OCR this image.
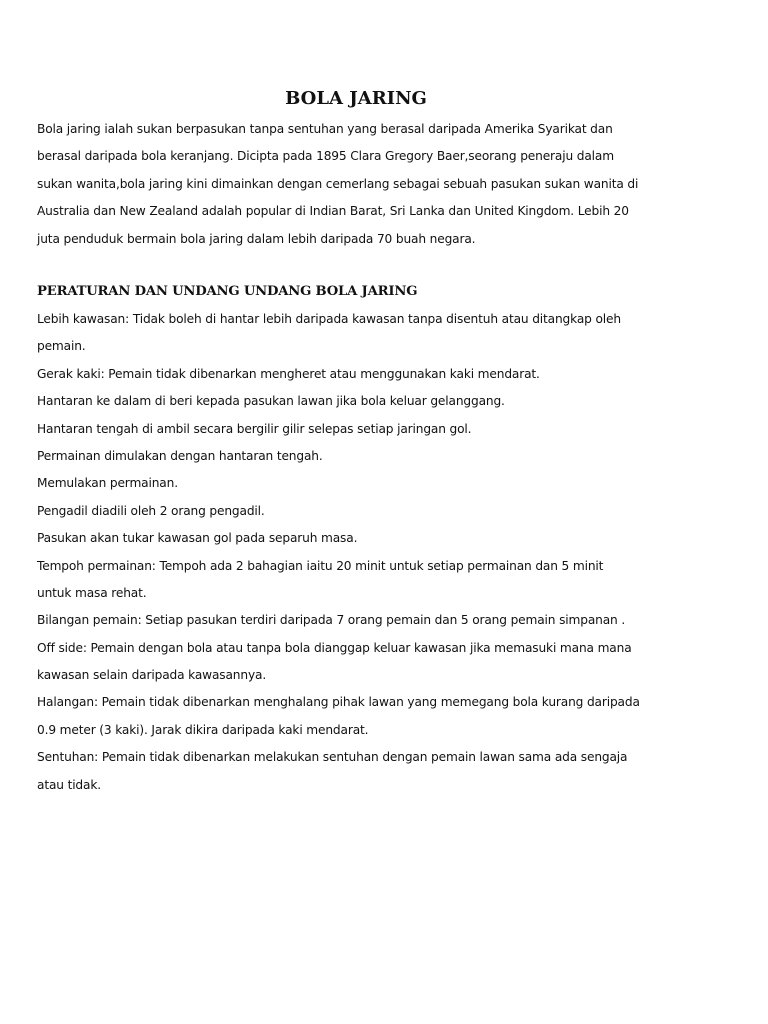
BOLA JARING
Bola jaring ialah sukan berpasukan tanpa sentuhan yang berasal daripada Amerika Syarikat dan
berasal daripada bola keranjang. Dicipta pada 1895 Clara Gregory Baer,seorang peneraju dalam
sukan wanita,bola jaring kini dimainkan dengan cemerlang sebagai sebuah pasukan sukan wanita di
Australia dan New Zealand adalah popular di Indian Barat, Sri Lanka dan United Kingdom. Lebih 20
juta penduduk bermain bola jaring dalam lebih daripada 70 buah negara.
PERATURAN DAN UNDANG UNDANG BOLA JARING
Lebih kawasan: Tidak boleh di hantar lebih daripada kawasan tanpa disentuh atau ditangkap oleh
pemain.
Gerak kaki: Pemain tidak dibenarkan mengheret atau menggunakan kaki mendarat.
Hantaran ke dalam di beri kepada pasukan lawan jika bola keluar gelanggang.
Hantaran tengah di ambil secara bergilir gilir selepas setiap jaringan gol.
Permainan dimulakan dengan hantaran tengah.
Memulakan permainan.
Pengadil diadili oleh 2 orang pengadil.
Pasukan akan tukar kawasan gol pada separuh masa.
Tempoh permainan: Tempoh ada 2 bahagian iaitu 20 minit untuk setiap permainan dan 5 minit
untuk masa rehat.
Bilangan pemain: Setiap pasukan terdiri daripada 7 orang pemain dan 5 orang pemain simpanan .
Off side: Pemain dengan bola atau tanpa bola dianggap keluar kawasan jika memasuki mana mana
kawasan selain daripada kawasannya.
Halangan: Pemain tidak dibenarkan menghalang pihak lawan yang memegang bola kurang daripada
0.9 meter (3 kaki). Jarak dikira daripada kaki mendarat.
Sentuhan: Pemain tidak dibenarkan melakukan sentuhan dengan pemain lawan sama ada sengaja
atau tidak.
